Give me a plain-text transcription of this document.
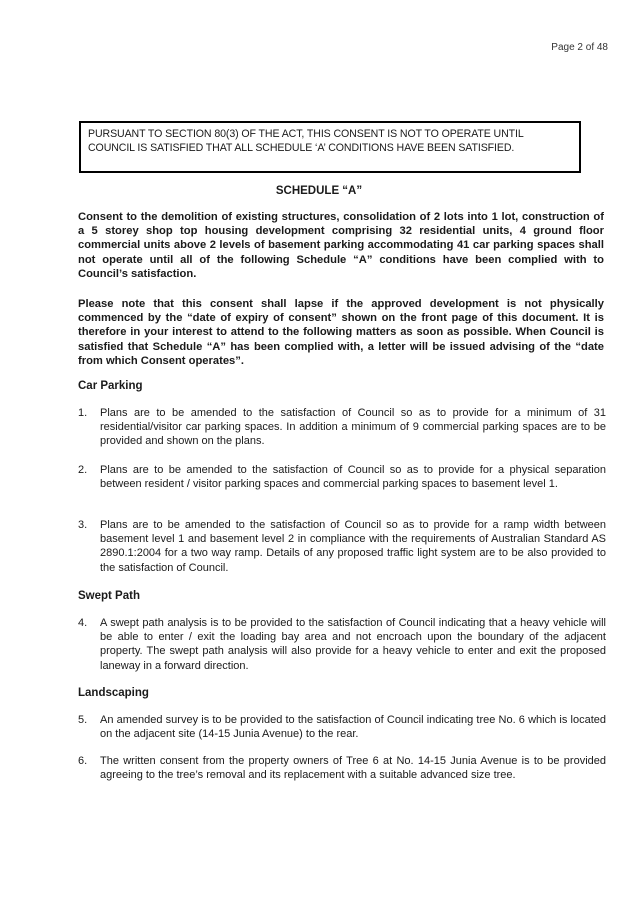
Page 2 of 48
PURSUANT TO SECTION 80(3) OF THE ACT, THIS CONSENT IS NOT TO OPERATE UNTIL COUNCIL IS SATISFIED THAT ALL SCHEDULE ‘A’ CONDITIONS HAVE BEEN SATISFIED.
SCHEDULE “A”
Consent to the demolition of existing structures, consolidation of 2 lots into 1 lot, construction of a 5 storey shop top housing development comprising 32 residential units, 4 ground floor commercial units above 2 levels of basement parking accommodating 41 car parking spaces shall not operate until all of the following Schedule “A” conditions have been complied with to Council’s satisfaction.
Please note that this consent shall lapse if the approved development is not physically commenced by the “date of expiry of consent” shown on the front page of this document. It is therefore in your interest to attend to the following matters as soon as possible. When Council is satisfied that Schedule “A” has been complied with, a letter will be issued advising of the “date from which Consent operates”.
Car Parking
1.	Plans are to be amended to the satisfaction of Council so as to provide for a minimum of 31 residential/visitor car parking spaces. In addition a minimum of 9 commercial parking spaces are to be provided and shown on the plans.
2.	Plans are to be amended to the satisfaction of Council so as to provide for a physical separation between resident / visitor parking spaces and commercial parking spaces to basement level 1.
3.	Plans are to be amended to the satisfaction of Council so as to provide for a ramp width between basement level 1 and basement level 2 in compliance with the requirements of Australian Standard AS 2890.1:2004 for a two way ramp. Details of any proposed traffic light system are to be also provided to the satisfaction of Council.
Swept Path
4.	A swept path analysis is to be provided to the satisfaction of Council indicating that a heavy vehicle will be able to enter / exit the loading bay area and not encroach upon the boundary of the adjacent property. The swept path analysis will also provide for a heavy vehicle to enter and exit the proposed laneway in a forward direction.
Landscaping
5.	An amended survey is to be provided to the satisfaction of Council indicating tree No. 6 which is located on the adjacent site (14-15 Junia Avenue) to the rear.
6.	The written consent from the property owners of Tree 6 at No. 14-15 Junia Avenue is to be provided agreeing to the tree’s removal and its replacement with a suitable advanced size tree.
